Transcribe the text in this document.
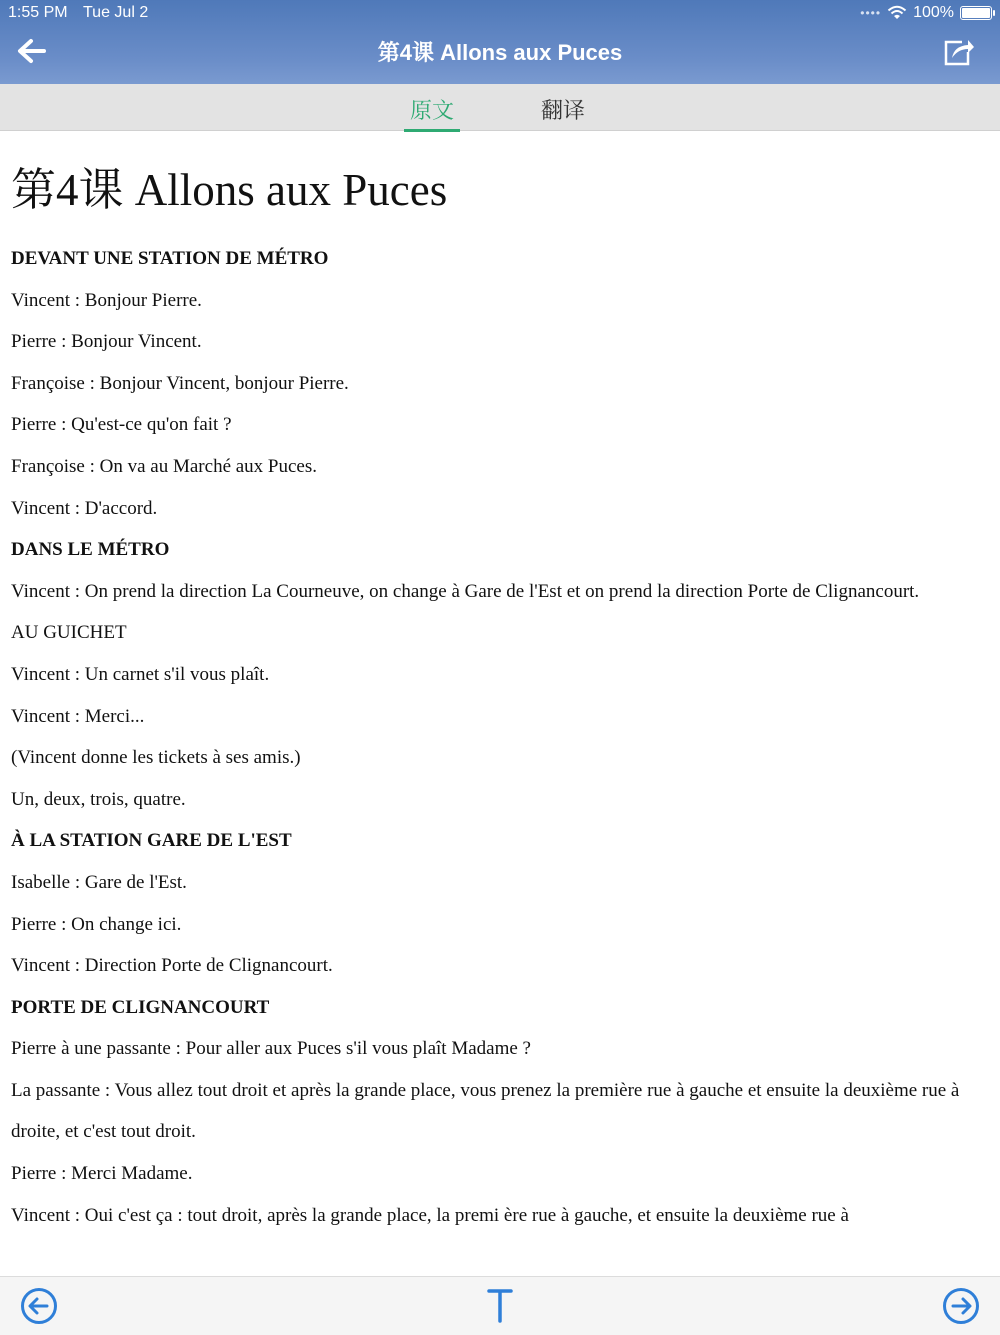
1:55 PM Tue Jul 2	•••• 100%
第4课 Allons aux Puces
原文	翻译
第4课 Allons aux Puces

DEVANT UNE STATION DE MÉTRO

Vincent : Bonjour Pierre.

Pierre : Bonjour Vincent.

Françoise : Bonjour Vincent, bonjour Pierre.

Pierre : Qu'est-ce qu'on fait ?

Françoise : On va au Marché aux Puces.

Vincent : D'accord.

DANS LE MÉTRO

Vincent : On prend la direction La Courneuve, on change à Gare de l'Est et on prend la direction Porte de Clignancourt.

AU GUICHET

Vincent : Un carnet s'il vous plaît.

Vincent : Merci...

(Vincent donne les tickets à ses amis.)

Un, deux, trois, quatre.

À LA STATION GARE DE L'EST

Isabelle : Gare de l'Est.

Pierre : On change ici.

Vincent : Direction Porte de Clignancourt.

PORTE DE CLIGNANCOURT

Pierre à une passante : Pour aller aux Puces s'il vous plaît Madame ?

La passante : Vous allez tout droit et après la grande place, vous prenez la première rue à gauche et ensuite la deuxième rue à droite, et c'est tout droit.

Pierre : Merci Madame.

Vincent : Oui c'est ça : tout droit, après la grande place, la premi ère rue à gauche, et ensuite la deuxième rue à
